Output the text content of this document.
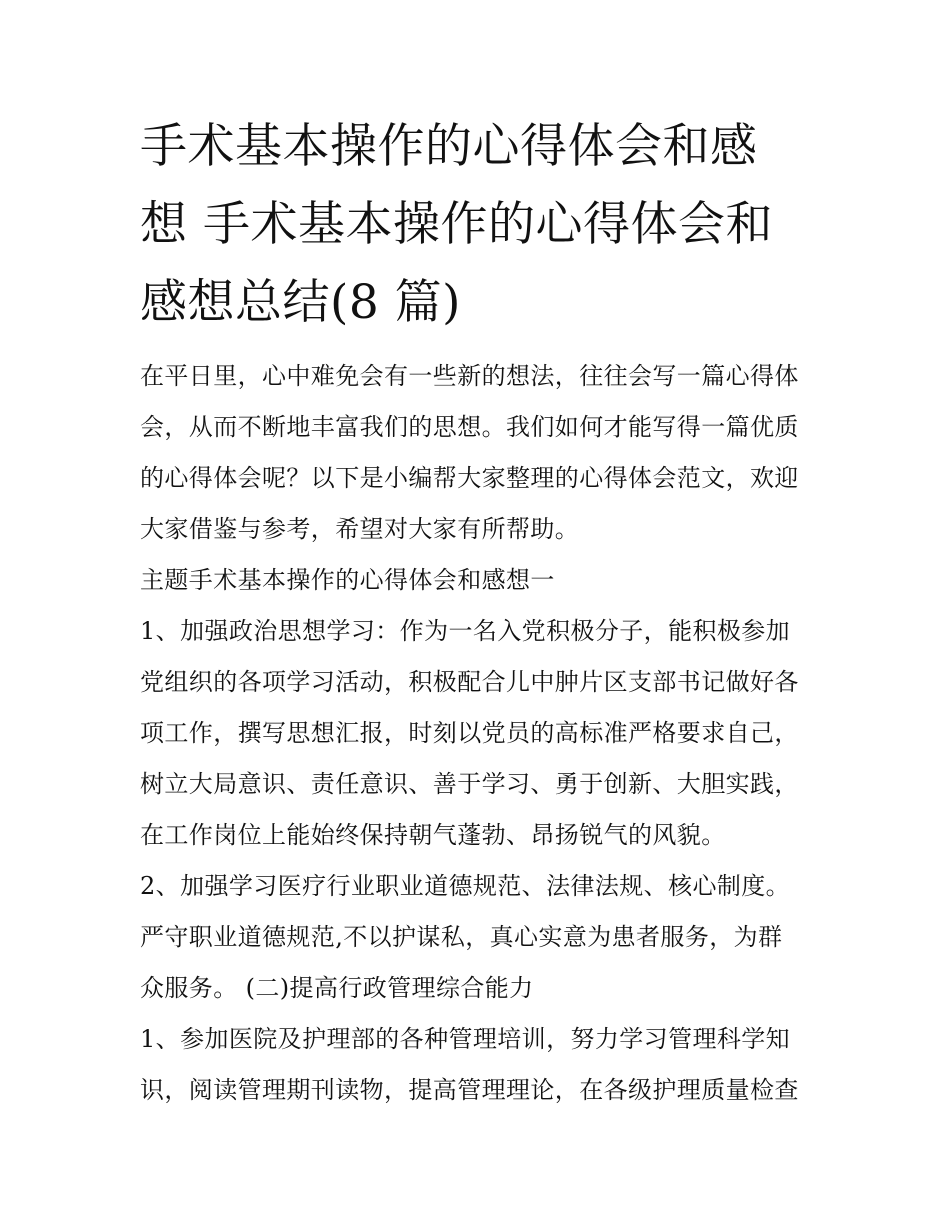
手术基本操作的心得体会和感

想 手术基本操作的心得体会和

感想总结(8 篇)

在平日里，心中难免会有一些新的想法，往往会写一篇心得体

会，从而不断地丰富我们的思想。我们如何才能写得一篇优质

的心得体会呢？以下是小编帮大家整理的心得体会范文，欢迎

大家借鉴与参考，希望对大家有所帮助。

主题手术基本操作的心得体会和感想一

1、加强政治思想学习：作为一名入党积极分子，能积极参加

党组织的各项学习活动，积极配合儿中肿片区支部书记做好各

项工作，撰写思想汇报，时刻以党员的高标准严格要求自己，

树立大局意识、责任意识、善于学习、勇于创新、大胆实践，

在工作岗位上能始终保持朝气蓬勃、昂扬锐气的风貌。

2、加强学习医疗行业职业道德规范、法律法规、核心制度。

严守职业道德规范,不以护谋私，真心实意为患者服务，为群

众服务。 (二)提高行政管理综合能力

1、参加医院及护理部的各种管理培训，努力学习管理科学知

识，阅读管理期刊读物，提高管理理论，在各级护理质量检查
